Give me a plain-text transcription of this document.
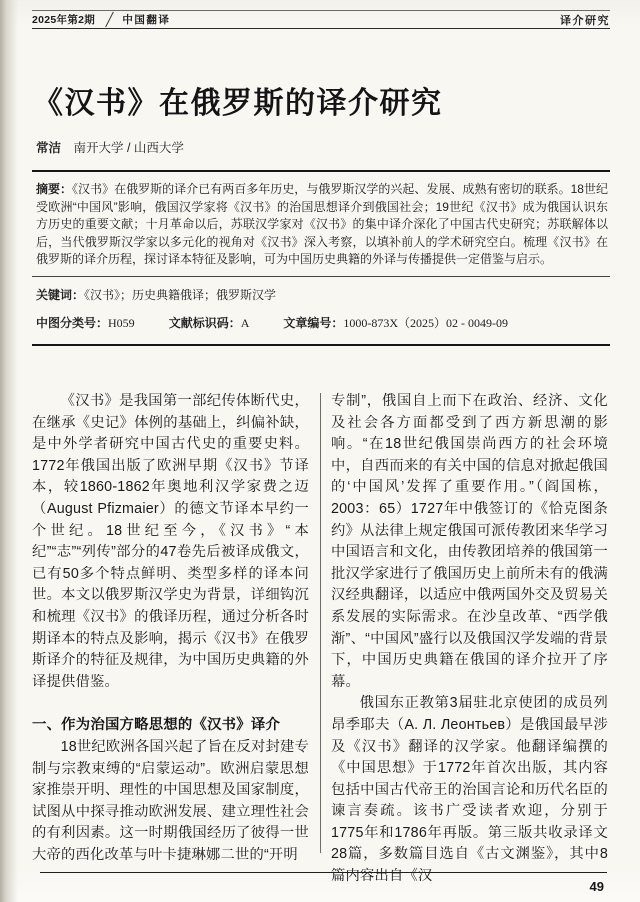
2025年第2期	中国翻译	译介研究
《汉书》在俄罗斯的译介研究
常洁 南开大学 / 山西大学

摘要：《汉书》在俄罗斯的译介已有两百多年历史，与俄罗斯汉学的兴起、发展、成熟有密切的联系。18世纪受欧洲“中国风”影响，俄国汉学家将《汉书》的治国思想译介到俄国社会；19世纪《汉书》成为俄国认识东方历史的重要文献；十月革命以后，苏联汉学家对《汉书》的集中译介深化了中国古代史研究；苏联解体以后，当代俄罗斯汉学家以多元化的视角对《汉书》深入考察，以填补前人的学术研究空白。梳理《汉书》在俄罗斯的译介历程，探讨译本特征及影响，可为中国历史典籍的外译与传播提供一定借鉴与启示。

关键词：《汉书》；历史典籍俄译；俄罗斯汉学

中图分类号：H059	文献标识码：A	文章编号：1000-873X（2025）02 - 0049-09

《汉书》是我国第一部纪传体断代史，在继承《史记》体例的基础上，纠偏补缺，是中外学者研究中国古代史的重要史料。1772年俄国出版了欧洲早期《汉书》节译本，较1860-1862年奥地利汉学家费之迈（August Pfizmaier）的德文节译本早约一个世纪。18世纪至今，《汉书》“本纪”“志”“列传”部分的47卷先后被译成俄文，已有50多个特点鲜明、类型多样的译本问世。本文以俄罗斯汉学史为背景，详细钩沉和梳理《汉书》的俄译历程，通过分析各时期译本的特点及影响，揭示《汉书》在俄罗斯译介的特征及规律，为中国历史典籍的外译提供借鉴。

一、作为治国方略思想的《汉书》译介

18世纪欧洲各国兴起了旨在反对封建专制与宗教束缚的“启蒙运动”。欧洲启蒙思想家推崇开明、理性的中国思想及国家制度，试图从中探寻推动欧洲发展、建立理性社会的有利因素。这一时期俄国经历了彼得一世大帝的西化改革与叶卡捷琳娜二世的“开明

专制”，俄国自上而下在政治、经济、文化及社会各方面都受到了西方新思潮的影响。“在18世纪俄国崇尚西方的社会环境中，自西而来的有关中国的信息对掀起俄国的‘中国风’发挥了重要作用。”（阎国栋，2003：65）1727年中俄签订的《恰克图条约》从法律上规定俄国可派传教团来华学习中国语言和文化，由传教团培养的俄国第一批汉学家进行了俄国历史上前所未有的俄满汉经典翻译，以适应中俄两国外交及贸易关系发展的实际需求。在沙皇改革、“西学俄渐”、“中国风”盛行以及俄国汉学发端的背景下，中国历史典籍在俄国的译介拉开了序幕。

俄国东正教第3届驻北京使团的成员列昂季耶夫（А. Л. Леонтьев）是俄国最早涉及《汉书》翻译的汉学家。他翻译编撰的《中国思想》于1772年首次出版，其内容包括中国古代帝王的治国言论和历代名臣的谏言奏疏。该书广受读者欢迎，分别于1775年和1786年再版。第三版共收录译文28篇，多数篇目选自《古文渊鉴》，其中8篇内容出自《汉

49
